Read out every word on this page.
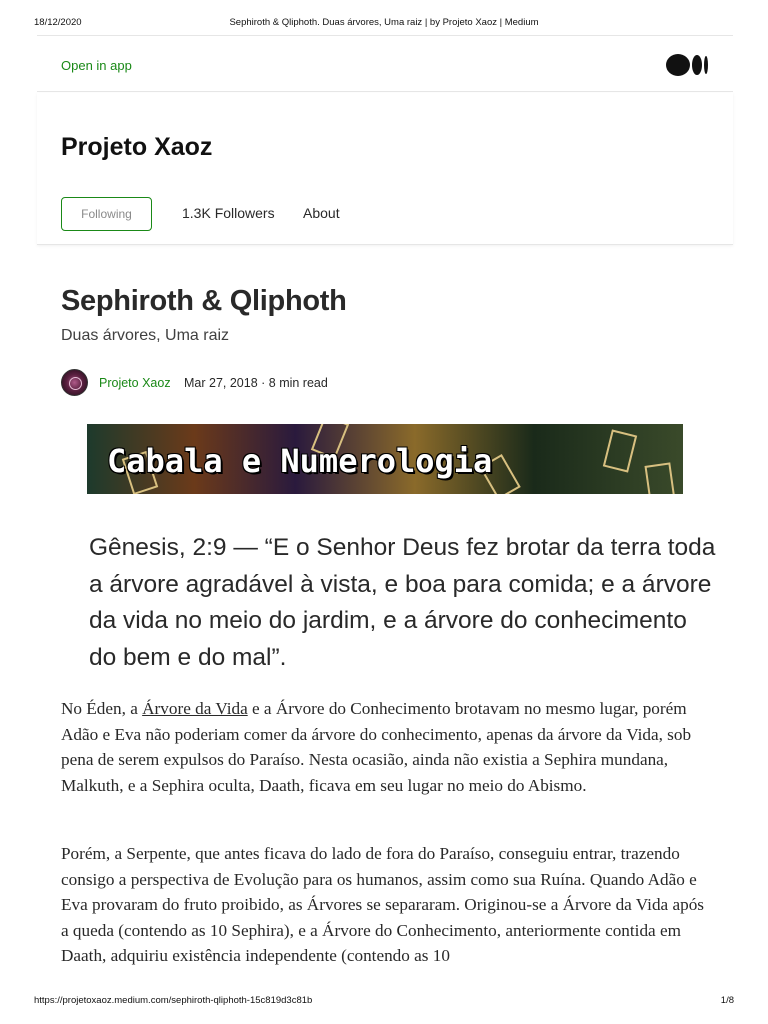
18/12/2020	Sephiroth & Qliphoth. Duas árvores, Uma raiz | by Projeto Xaoz | Medium
Open in app
Projeto Xaoz
Following	1.3K Followers About
Sephiroth & Qliphoth
Duas árvores, Uma raiz
Projeto Xaoz Mar 27, 2018 · 8 min read
Cabala e Numerologia
Gênesis, 2:9 — “E o Senhor Deus fez brotar da terra toda a árvore agradável à vista, e boa para comida; e a árvore da vida no meio do jardim, e a árvore do conhecimento do bem e do mal”.

No Éden, a Árvore da Vida e a Árvore do Conhecimento brotavam no mesmo lugar, porém Adão e Eva não poderiam comer da árvore do conhecimento, apenas da árvore da Vida, sob pena de serem expulsos do Paraíso. Nesta ocasião, ainda não existia a Sephira mundana, Malkuth, e a Sephira oculta, Daath, ficava em seu lugar no meio do Abismo.

Porém, a Serpente, que antes ficava do lado de fora do Paraíso, conseguiu entrar, trazendo consigo a perspectiva de Evolução para os humanos, assim como sua Ruína. Quando Adão e Eva provaram do fruto proibido, as Árvores se separaram. Originou-se a Árvore da Vida após a queda (contendo as 10 Sephira), e a Árvore do Conhecimento, anteriormente contida em Daath, adquiriu existência independente (contendo as 10

https://projetoxaoz.medium.com/sephiroth-qliphoth-15c819d3c81b	1/8
